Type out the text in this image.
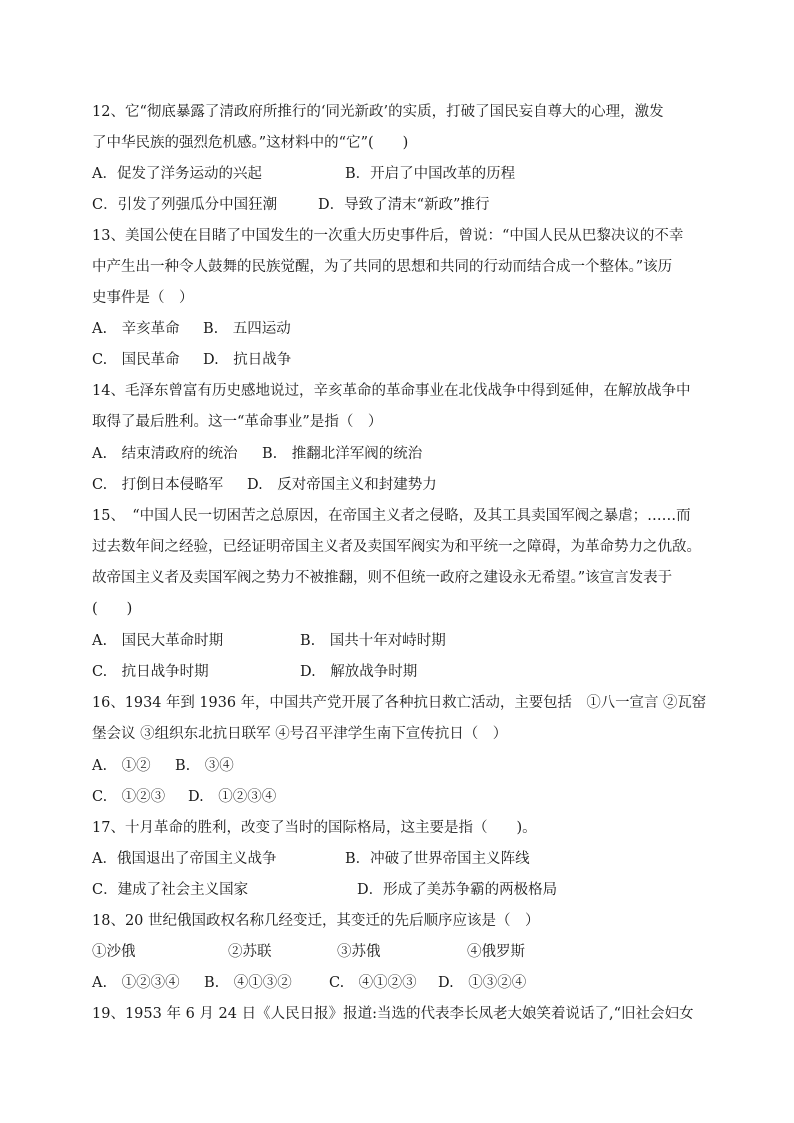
12、它“彻底暴露了清政府所推行的‘同光新政’的实质，打破了国民妄自尊大的心理，激发
了中华民族的强烈危机感。”这材料中的“它”(　　)
A．促发了洋务运动的兴起	B．开启了中国改革的历程
C．引发了列强瓜分中国狂潮	D．导致了清末“新政”推行
13、美国公使在目睹了中国发生的一次重大历史事件后，曾说：“中国人民从巴黎决议的不幸
中产生出一种令人鼓舞的民族觉醒，为了共同的思想和共同的行动而结合成一个整体。”该历
史事件是（　）
A.　辛亥革命 B.　五四运动
C.　国民革命 D.　抗日战争
14、毛泽东曾富有历史感地说过，辛亥革命的革命事业在北伐战争中得到延伸，在解放战争中
取得了最后胜利。这一“革命事业”是指（　）
A.　结束清政府的统治 B.　推翻北洋军阀的统治
C.　打倒日本侵略军 D.　反对帝国主义和封建势力
15、　“中国人民一切困苦之总原因，在帝国主义者之侵略，及其工具卖国军阀之暴虐；……而
过去数年间之经验，已经证明帝国主义者及卖国军阀实为和平统一之障碍，为革命势力之仇敌。
故帝国主义者及卖国军阀之势力不被推翻，则不但统一政府之建设永无希望。”该宣言发表于
(　　)
A.　国民大革命时期	B.　国共十年对峙时期
C.　抗日战争时期	D.　解放战争时期
16、1934 年到 1936 年，中国共产党开展了各种抗日救亡活动，主要包括　①八一宣言 ②瓦窑
堡会议 ③组织东北抗日联军 ④号召平津学生南下宣传抗日（　）
A.　①② B.　③④
C.　①②③ D.　①②③④
17、十月革命的胜利，改变了当时的国际格局，这主要是指（　　)。
A．俄国退出了帝国主义战争	B．冲破了世界帝国主义阵线
C．建成了社会主义国家	D．形成了美苏争霸的两极格局
18、20 世纪俄国政权名称几经变迁，其变迁的先后顺序应该是（　）
①沙俄	②苏联	③苏俄	④俄罗斯
A.　①②③④ B.　④①③②	C.　④①②③ D.　①③②④
19、1953 年 6 月 24 日《人民日报》报道:当选的代表李长凤老大娘笑着说话了,“旧社会妇女
